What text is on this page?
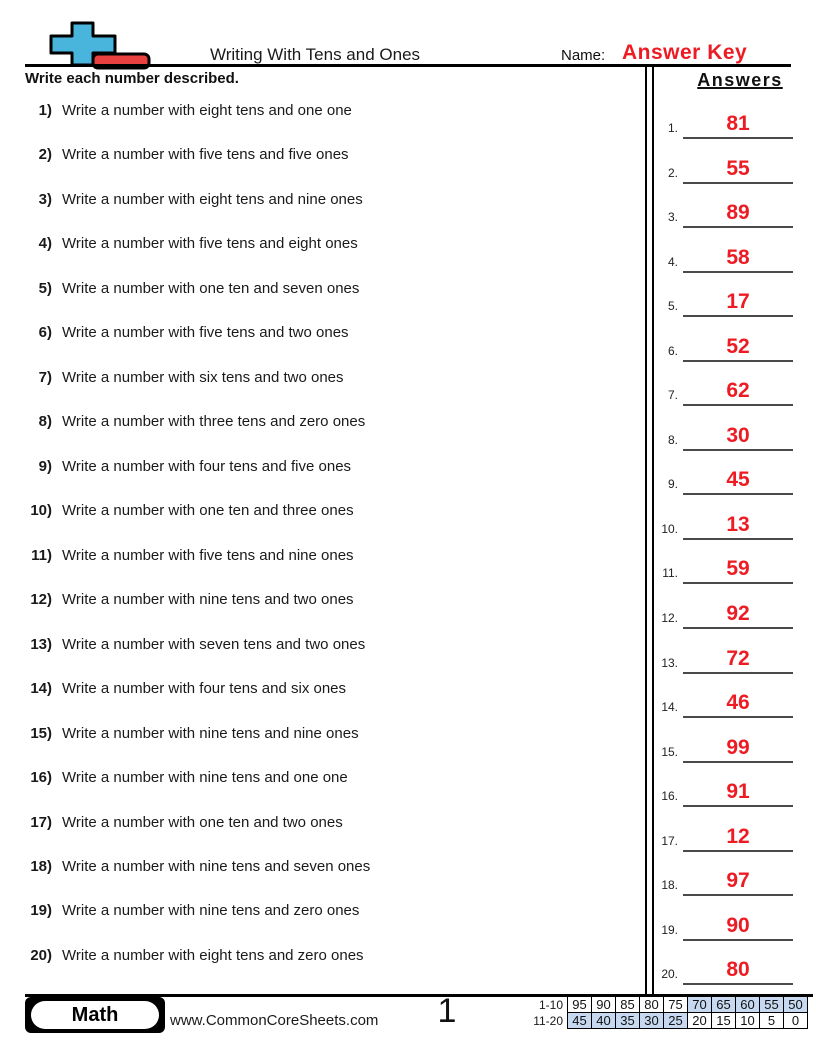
Writing With Tens and Ones	Name: Answer Key
Write each number described.	Answers
1.	81
2.	55
3.	89
4.	58
5.	17
6.	52
7.	62
8.	30
9.	45
10.	13
11.	59
12.	92
13.	72
14.	46
15.	99
16.	91
17.	12
18.	97
19.	90
20.	80
1) Write a number with eight tens and one one
2) Write a number with five tens and five ones
3) Write a number with eight tens and nine ones
4) Write a number with five tens and eight ones
5) Write a number with one ten and seven ones
6) Write a number with five tens and two ones
7) Write a number with six tens and two ones
8) Write a number with three tens and zero ones
9) Write a number with four tens and five ones
10) Write a number with one ten and three ones
11) Write a number with five tens and nine ones
12) Write a number with nine tens and two ones
13) Write a number with seven tens and two ones
14) Write a number with four tens and six ones
15) Write a number with nine tens and nine ones
16) Write a number with nine tens and one one
17) Write a number with one ten and two ones
18) Write a number with nine tens and seven ones
19) Write a number with nine tens and zero ones
20) Write a number with eight tens and zero ones
Math	www.CommonCoreSheets.com	1	1-10	95	90	85	80	75	70	65	60	55	50
11-20	45	40	35	30	25	20	15	10	5	0
